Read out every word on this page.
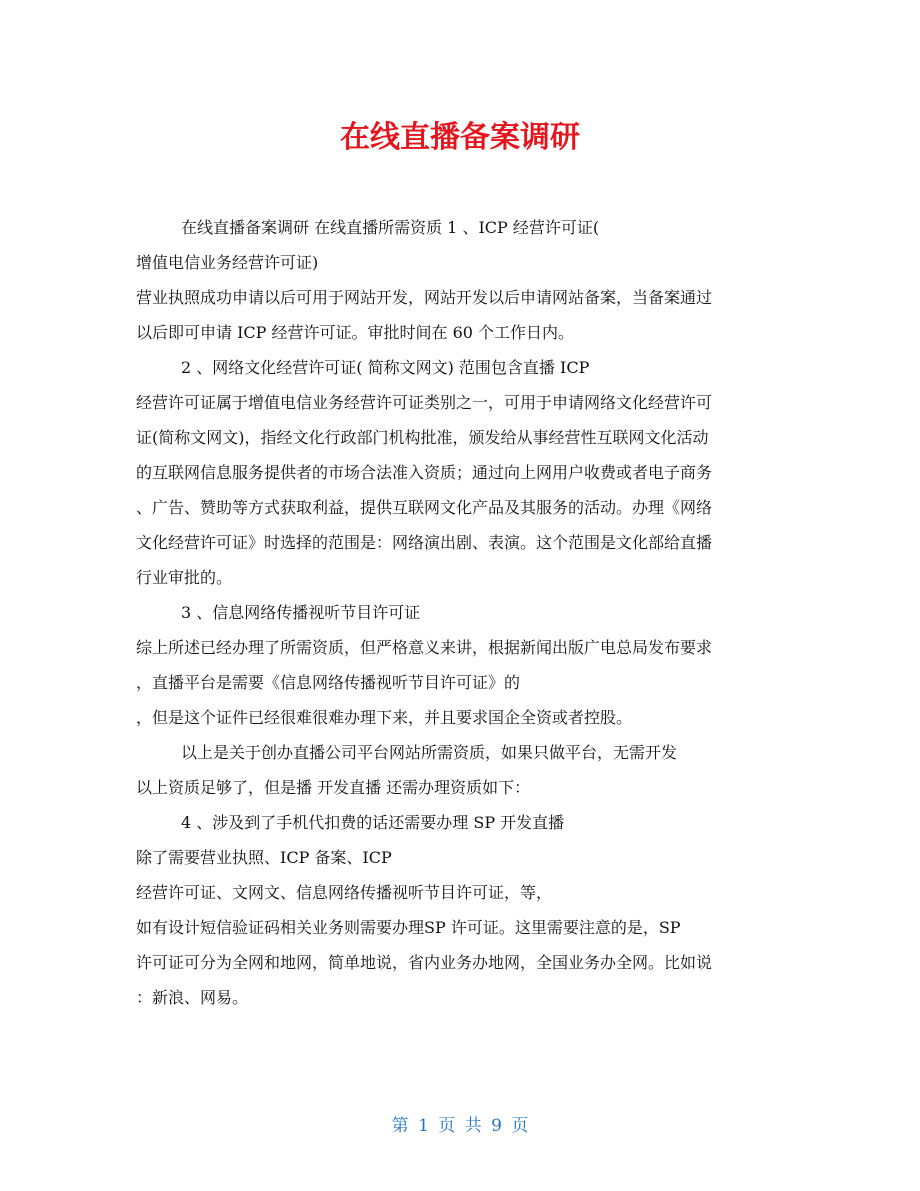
在线直播备案调研
在线直播备案调研 在线直播所需资质 1 、ICP 经营许可证(
增值电信业务经营许可证)
营业执照成功申请以后可用于网站开发，网站开发以后申请网站备案，当备案通过
以后即可申请 ICP 经营许可证。审批时间在 60 个工作日内。
2 、网络文化经营许可证( 简称文网文) 范围包含直播 ICP
经营许可证属于增值电信业务经营许可证类别之一，可用于申请网络文化经营许可
证(简称文网文)，指经文化行政部门机构批准，颁发给从事经营性互联网文化活动
的互联网信息服务提供者的市场合法准入资质；通过向上网用户收费或者电子商务
、广告、赞助等方式获取利益，提供互联网文化产品及其服务的活动。办理《网络
文化经营许可证》时选择的范围是：网络演出剧、表演。这个范围是文化部给直播
行业审批的。
3 、信息网络传播视听节目许可证
综上所述已经办理了所需资质，但严格意义来讲，根据新闻出版广电总局发布要求
，直播平台是需要《信息网络传播视听节目许可证》的
，但是这个证件已经很难很难办理下来，并且要求国企全资或者控股。
以上是关于创办直播公司平台网站所需资质，如果只做平台，无需开发
以上资质足够了，但是播 开发直播 还需办理资质如下：
4 、涉及到了手机代扣费的话还需要办理 SP 开发直播
除了需要营业执照、ICP 备案、ICP
经营许可证、文网文、信息网络传播视听节目许可证，等，
如有设计短信验证码相关业务则需要办理SP 许可证。这里需要注意的是，SP
许可证可分为全网和地网，简单地说，省内业务办地网，全国业务办全网。比如说
：新浪、网易。
第 1 页 共 9 页
